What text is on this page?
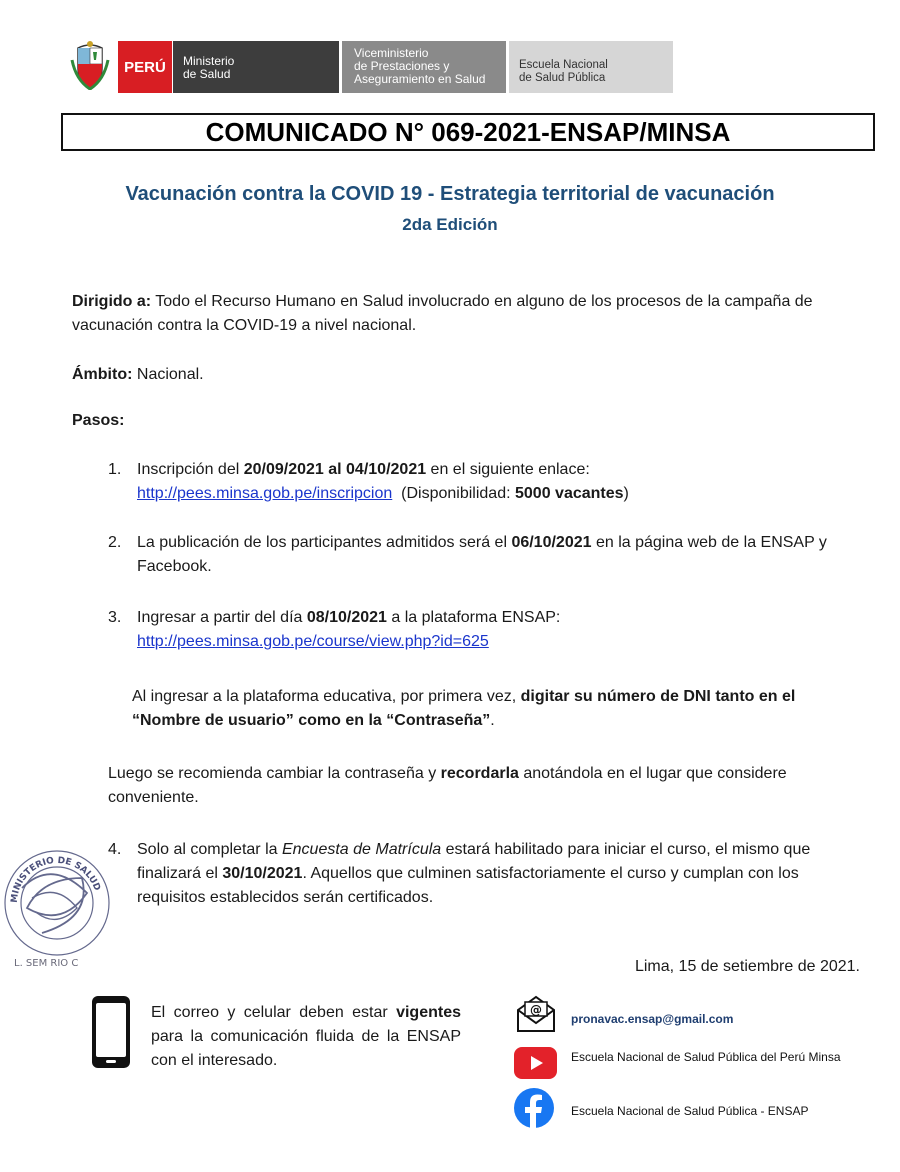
PERÚ	Ministerio
de Salud
Viceministerio
de Prestaciones y
Aseguramiento en Salud
Escuela Nacional
de Salud Pública
COMUNICADO N° 069-2021-ENSAP/MINSA
Vacunación contra la COVID 19 - Estrategia territorial de vacunación
2da Edición
Dirigido a: Todo el Recurso Humano en Salud involucrado en alguno de los procesos de la campaña de vacunación contra la COVID-19 a nivel nacional.
Ámbito: Nacional.
Pasos:
1. Inscripción del 20/09/2021 al 04/10/2021 en el siguiente enlace:
http://pees.minsa.gob.pe/inscripcion  (Disponibilidad: 5000 vacantes)
2. La publicación de los participantes admitidos será el 06/10/2021 en la página web de la ENSAP y Facebook.
3. Ingresar a partir del día 08/10/2021 a la plataforma ENSAP:
http://pees.minsa.gob.pe/course/view.php?id=625
Al ingresar a la plataforma educativa, por primera vez, digitar su número de DNI tanto en el “Nombre de usuario” como en la “Contraseña”.
Luego se recomienda cambiar la contraseña y recordarla anotándola en el lugar que considere conveniente.
4. Solo al completar la Encuesta de Matrícula estará habilitado para iniciar el curso, el mismo que finalizará el 30/10/2021. Aquellos que culminen satisfactoriamente el curso y cumplan con los requisitos establecidos serán certificados.
MINISTERIO DE SALUD
L. SEM RIO C	Lima, 15 de setiembre de 2021.
El correo y celular deben estar vigentes para la comunicación fluida de la ENSAP con el interesado.
@
pronavac.ensap@gmail.com
Escuela Nacional de Salud Pública del Perú Minsa
Escuela Nacional de Salud Pública - ENSAP
